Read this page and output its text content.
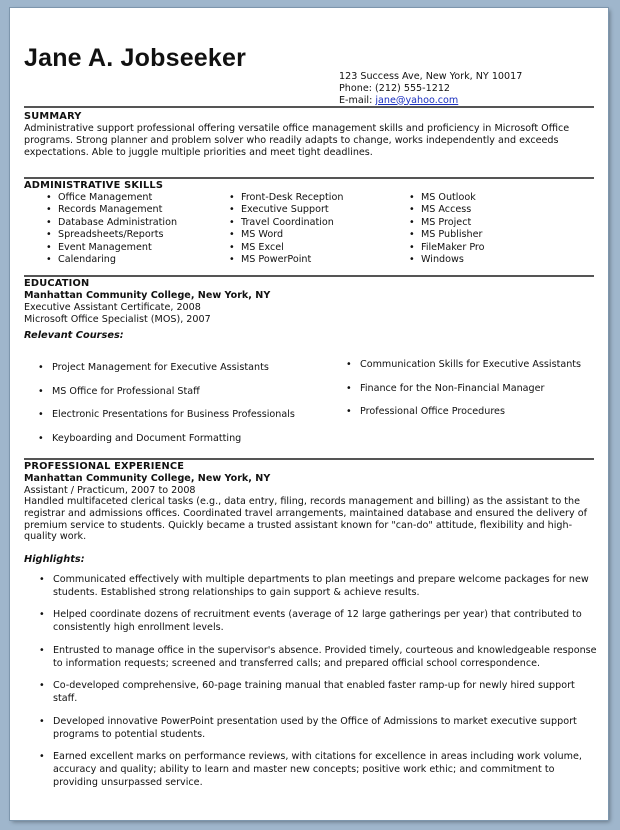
Jane A. Jobseeker
123 Success Ave, New York, NY 10017
Phone: (212) 555-1212
E-mail: jane@yahoo.com
SUMMARY
Administrative support professional offering versatile office management skills and proficiency in Microsoft Office programs. Strong planner and problem solver who readily adapts to change, works independently and exceeds expectations. Able to juggle multiple priorities and meet tight deadlines.
ADMINISTRATIVE SKILLS
• Office Management
• Records Management
• Database Administration
• Spreadsheets/Reports
• Event Management
• Calendaring
• Front-Desk Reception
• Executive Support
• Travel Coordination
• MS Word
• MS Excel
• MS PowerPoint
• MS Outlook
• MS Access
• MS Project
• MS Publisher
• FileMaker Pro
• Windows
EDUCATION
Manhattan Community College, New York, NY
Executive Assistant Certificate, 2008
Microsoft Office Specialist (MOS), 2007
Relevant Courses:
• Project Management for Executive Assistants
• MS Office for Professional Staff
• Electronic Presentations for Business Professionals
• Keyboarding and Document Formatting
• Communication Skills for Executive Assistants
• Finance for the Non-Financial Manager
• Professional Office Procedures
PROFESSIONAL EXPERIENCE
Manhattan Community College, New York, NY
Assistant / Practicum, 2007 to 2008
Handled multifaceted clerical tasks (e.g., data entry, filing, records management and billing) as the assistant to the registrar and admissions offices. Coordinated travel arrangements, maintained database and ensured the delivery of premium service to students. Quickly became a trusted assistant known for "can-do" attitude, flexibility and high-quality work.
Highlights:
• Communicated effectively with multiple departments to plan meetings and prepare welcome packages for new students. Established strong relationships to gain support & achieve results.
• Helped coordinate dozens of recruitment events (average of 12 large gatherings per year) that contributed to consistently high enrollment levels.
• Entrusted to manage office in the supervisor's absence. Provided timely, courteous and knowledgeable response to information requests; screened and transferred calls; and prepared official school correspondence.
• Co-developed comprehensive, 60-page training manual that enabled faster ramp-up for newly hired support staff.
• Developed innovative PowerPoint presentation used by the Office of Admissions to market executive support programs to potential students.
• Earned excellent marks on performance reviews, with citations for excellence in areas including work volume, accuracy and quality; ability to learn and master new concepts; positive work ethic; and commitment to providing unsurpassed service.
